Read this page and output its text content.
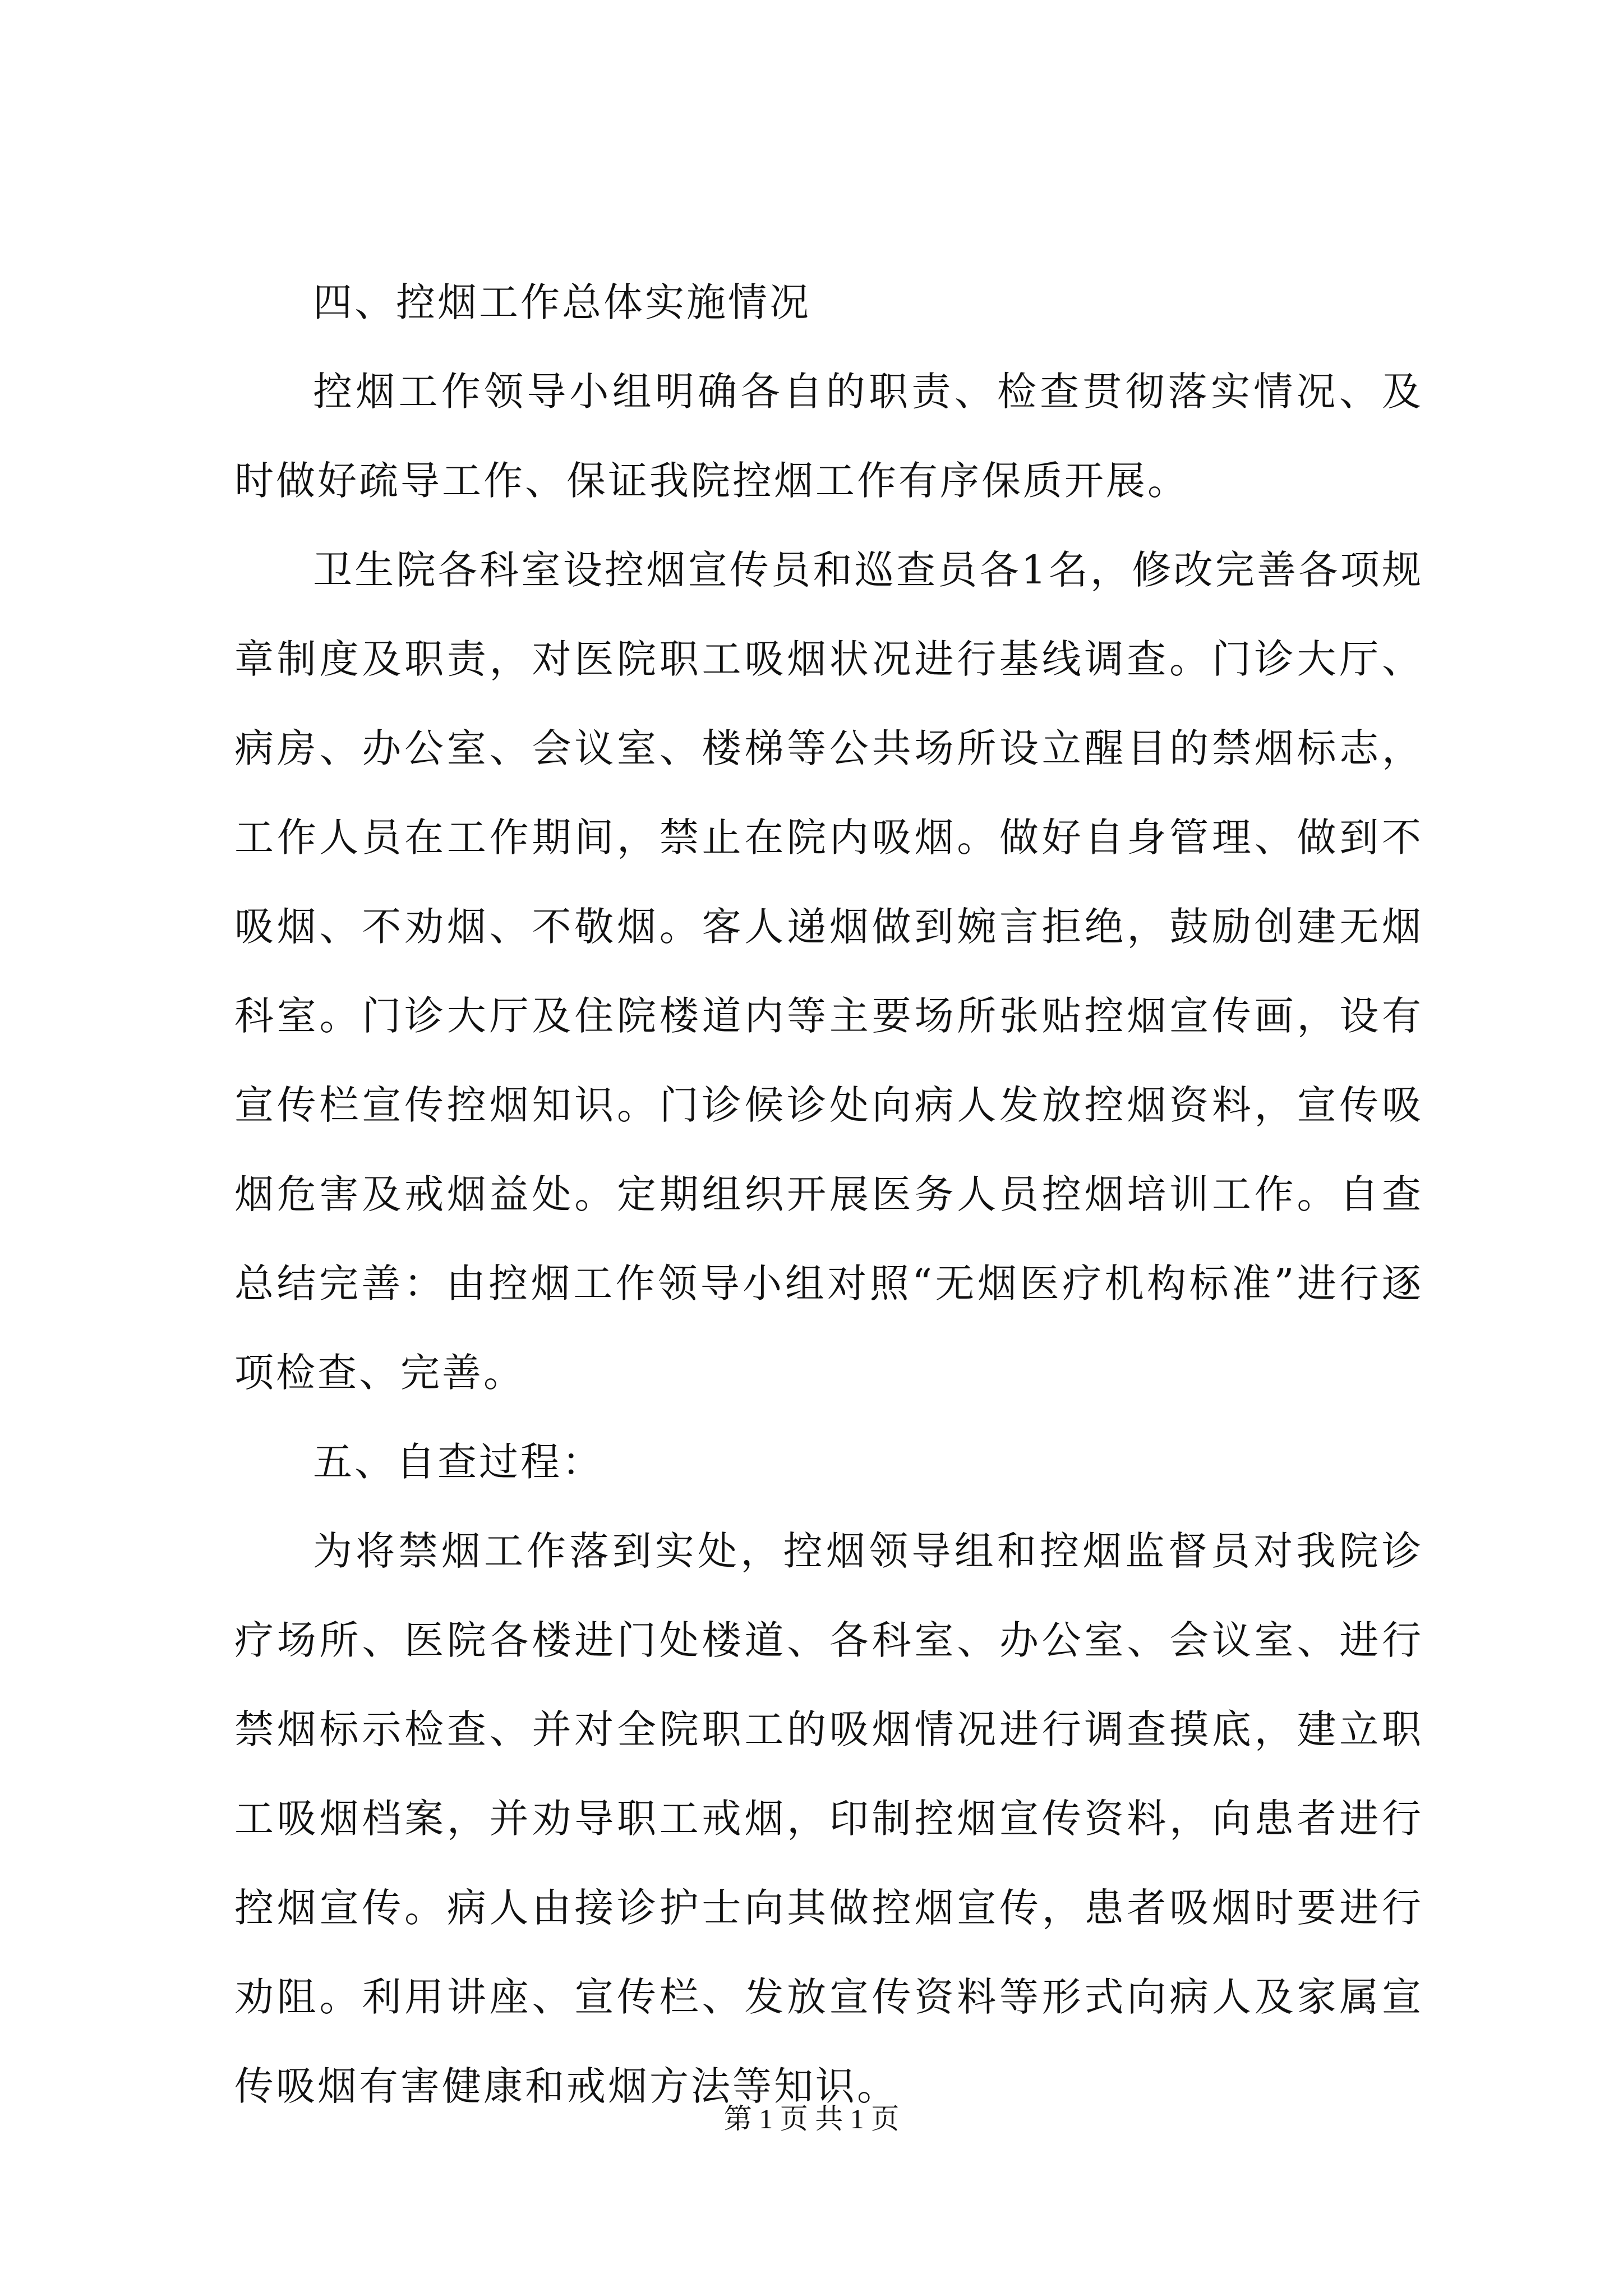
四、控烟工作总体实施情况

控烟工作领导小组明确各自的职责、检查贯彻落实情况、及时做好疏导工作、保证我院控烟工作有序保质开展。

卫生院各科室设控烟宣传员和巡查员各1名，修改完善各项规章制度及职责，对医院职工吸烟状况进行基线调查。门诊大厅、病房、办公室、会议室、楼梯等公共场所设立醒目的禁烟标志，工作人员在工作期间，禁止在院内吸烟。做好自身管理、做到不吸烟、不劝烟、不敬烟。客人递烟做到婉言拒绝，鼓励创建无烟科室。门诊大厅及住院楼道内等主要场所张贴控烟宣传画，设有宣传栏宣传控烟知识。门诊候诊处向病人发放控烟资料，宣传吸烟危害及戒烟益处。定期组织开展医务人员控烟培训工作。自查总结完善：由控烟工作领导小组对照“无烟医疗机构标准”进行逐项检查、完善。

五、自查过程：

为将禁烟工作落到实处，控烟领导组和控烟监督员对我院诊疗场所、医院各楼进门处楼道、各科室、办公室、会议室、进行禁烟标示检查、并对全院职工的吸烟情况进行调查摸底，建立职工吸烟档案，并劝导职工戒烟，印制控烟宣传资料，向患者进行控烟宣传。病人由接诊护士向其做控烟宣传，患者吸烟时要进行劝阻。利用讲座、宣传栏、发放宣传资料等形式向病人及家属宣传吸烟有害健康和戒烟方法等知识。

第 1 页 共 1 页
